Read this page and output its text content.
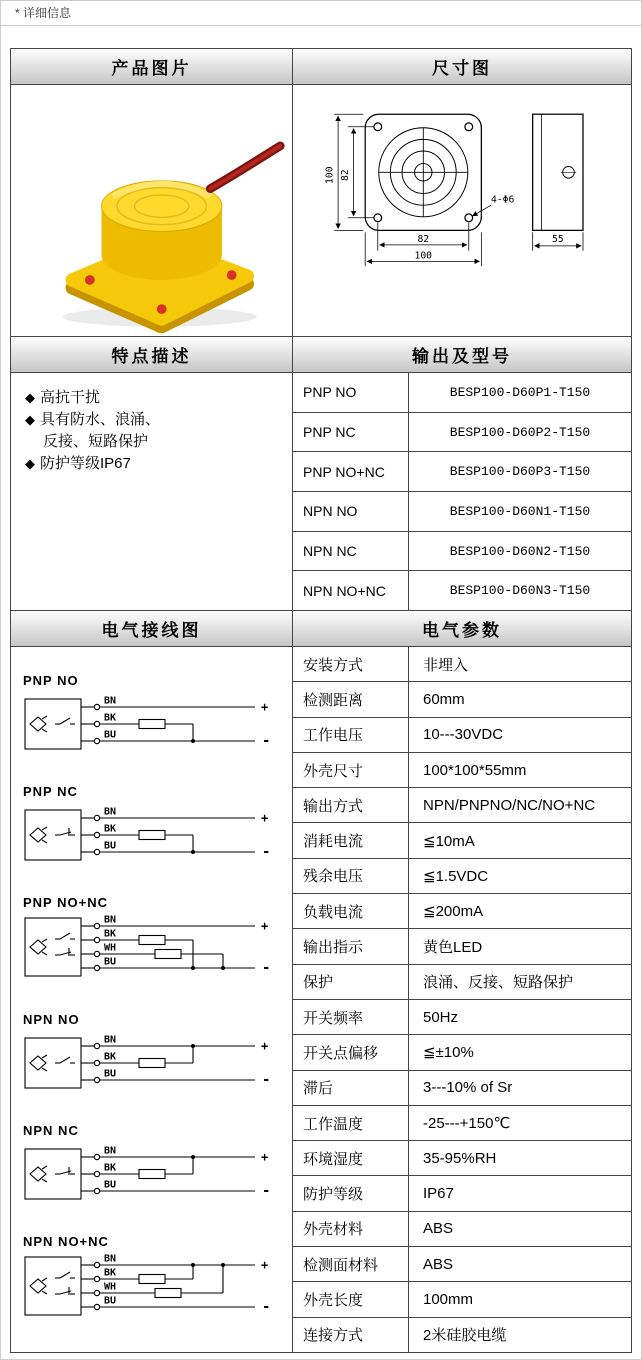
* 详细信息
产品图片	尺寸图
100 82
82
100
4-Φ6
55
特点描述	输出及型号
◆ 高抗干扰
◆ 具有防水、浪涌、
反接、短路保护
◆ 防护等级IP67
PNP NO	BESP100-D60P1-T150
PNP NC	BESP100-D60P2-T150
PNP NO+NC	BESP100-D60P3-T150
NPN NO	BESP100-D60N1-T150
NPN NC	BESP100-D60N2-T150
NPN NO+NC	BESP100-D60N3-T150
电气接线图	电气参数
PNP NO
BN
BK
BU
+
-
PNP NC
BN
BK
BU
+
-
PNP NO+NC
BN
BK
WH
BU
+
-
NPN NO
BN
BK
BU
+
-
NPN NC
BN
BK
BU
+
-
NPN NO+NC
BN
BK
WH
BU
+
-
安装方式	非埋入
检测距离	60mm
工作电压	10---30VDC
外壳尺寸	100*100*55mm
输出方式	NPN/PNPNO/NC/NO+NC
消耗电流	≦10mA
残余电压	≦1.5VDC
负载电流	≦200mA
输出指示	黄色LED
保护	浪涌、反接、短路保护
开关频率	50Hz
开关点偏移	≦±10%
滞后	3---10% of Sr
工作温度	-25---+150℃
环境湿度	35-95%RH
防护等级	IP67
外壳材料	ABS
检测面材料	ABS
外壳长度	100mm
连接方式	2米硅胶电缆
